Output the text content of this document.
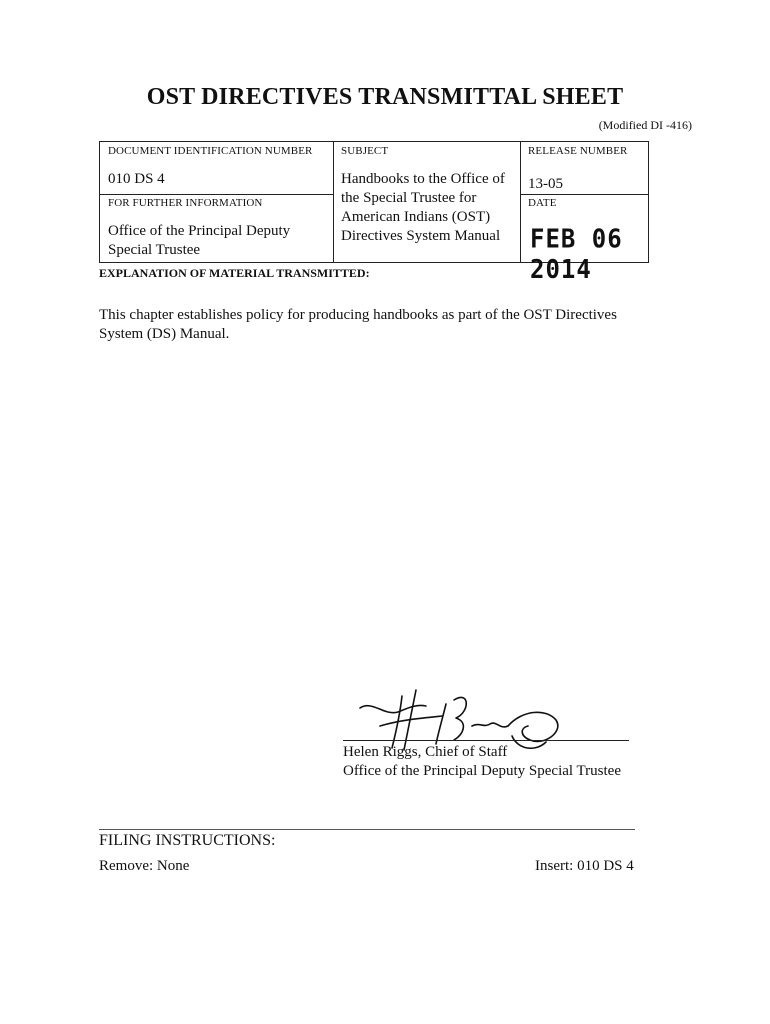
OST DIRECTIVES TRANSMITTAL SHEET
(Modified DI -416)
DOCUMENT IDENTIFICATION NUMBER
010 DS 4
FOR FURTHER INFORMATION
Office of the Principal Deputy
Special Trustee
SUBJECT
Handbooks to the Office of
the Special Trustee for
American Indians (OST)
Directives System Manual
RELEASE NUMBER
13-05
DATE
FEB 06 2014
EXPLANATION OF MATERIAL TRANSMITTED:
This chapter establishes policy for producing handbooks as part of the OST Directives
System (DS) Manual.
Helen Riggs, Chief of Staff
Office of the Principal Deputy Special Trustee
FILING INSTRUCTIONS:
Remove: None	Insert: 010 DS 4
